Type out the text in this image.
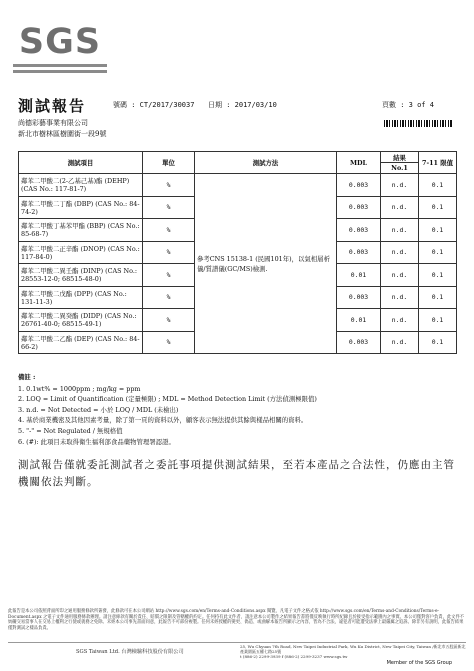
SGS
測試報告	號碼 : CT/2017/30037 日期 : 2017/03/10	頁數 : 3 of 4
尚德彩藝事業有限公司
新北市樹林區樹圍街一段9號
測試項目	單位	測試方法	MDL	結果	7-11 限值
				No.1	
鄰苯二甲酸二(2-乙基己基)酯 (DEHP) (CAS No.: 117-81-7)	%	參考CNS 15138-1 (民國101年)，以氣相層析儀/質譜儀(GC/MS)檢測.	0.003	n.d.	0.1
鄰苯二甲酸二丁酯 (DBP) (CAS No.: 84-74-2)	%		0.003	n.d.	0.1
鄰苯二甲酸丁基苯甲酯 (BBP) (CAS No.: 85-68-7)	%		0.003	n.d.	0.1
鄰苯二甲酸二正辛酯 (DNOP) (CAS No.: 117-84-0)	%		0.003	n.d.	0.1
鄰苯二甲酸二異壬酯 (DINP) (CAS No.: 28553-12-0; 68515-48-0)	%		0.01	n.d.	0.1
鄰苯二甲酸二戊酯 (DPP) (CAS No.: 131-11-3)	%		0.003	n.d.	0.1
鄰苯二甲酸二異癸酯 (DIDP) (CAS No.: 26761-40-0; 68515-49-1)	%		0.01	n.d.	0.1
鄰苯二甲酸二乙酯 (DEP) (CAS No.: 84-66-2)	%		0.003	n.d.	0.1
備註 :
1. 0.1wt% = 1000ppm ; mg/kg = ppm
2. LOQ = Limit of Quantification (定量極限) ; MDL = Method Detection Limit (方法偵測極限值)
3. n.d. = Not Detected = 小於 LOQ / MDL (未檢出)
4. 基於商業機密及其他因素考量，除了第一頁的資料以外，顧客表示無法提供其餘與樣品相關的資料。
5. "-" = Not Regulated / 無規格值
6. (#): 此項目未取得衛生福利部食品藥物管理署認證。
測試報告僅就委託測試者之委託事項提供測試結果，至若本產品之合法性，仍應由主管機關依法判斷。
此報告是本公司依照背面所印之通用服務條款所簽發，此條款可在本公司網站 http://www.sgs.com/en/Terms-and-Conditions.aspx 閱覽，凡電子文件之格式依 http://www.sgs.com/en/Terms-and-Conditions/Terms-e-Document.aspx 之電子文件通用服務條款辦理。請注意條款有關於責任、賠償之限制及管轄權的約定。任何持有此文件者，請注意本公司製作之結果報告書將僅反映執行時所紀錄且於接受指示範圍內之事實。本公司僅對客戶負責，此文件不妨礙交易當事人在交易上權利之行使或義務之免除。未經本公司事先書面同意，此報告不可部份複製。任何未經授權的變更、偽造、或曲解本報告所顯示之內容，皆為不合法，違犯者可能遭受法律上最嚴厲之追訴。除非另有說明，此報告結果僅對測試之樣品負責。
SGS Taiwan Ltd. 台灣檢驗科技股份有限公司
25, Wu Chyuan 7th Road, New Taipei Industrial Park, Wu Ku District, New Taipei City, Taiwan /新北市五股區新北產業園區五權七路25號
t (886-2) 2299-3939 f (886-2) 2299-3237 www.sgs.tw
Member of the SGS Group
